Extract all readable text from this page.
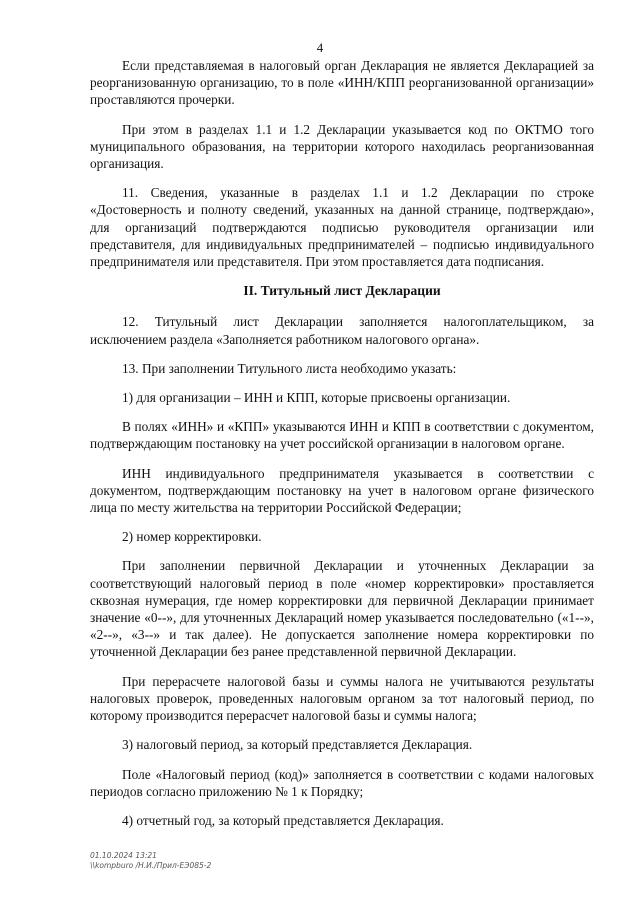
4

Если представляемая в налоговый орган Декларация не является Декларацией за реорганизованную организацию, то в поле «ИНН/КПП реорганизованной организации» проставляются прочерки.

При этом в разделах 1.1 и 1.2 Декларации указывается код по ОКТМО того муниципального образования, на территории которого находилась реорганизованная организация.

11. Сведения, указанные в разделах 1.1 и 1.2 Декларации по строке «Достоверность и полноту сведений, указанных на данной странице, подтверждаю», для организаций подтверждаются подписью руководителя организации или представителя, для индивидуальных предпринимателей – подписью индивидуального предпринимателя или представителя. При этом проставляется дата подписания.

II. Титульный лист Декларации

12. Титульный лист Декларации заполняется налогоплательщиком, за исключением раздела «Заполняется работником налогового органа».

13. При заполнении Титульного листа необходимо указать:

1) для организации – ИНН и КПП, которые присвоены организации.

В полях «ИНН» и «КПП» указываются ИНН и КПП в соответствии с документом, подтверждающим постановку на учет российской организации в налоговом органе.

ИНН индивидуального предпринимателя указывается в соответствии с документом, подтверждающим постановку на учет в налоговом органе физического лица по месту жительства на территории Российской Федерации;

2) номер корректировки.

При заполнении первичной Декларации и уточненных Декларации за соответствующий налоговый период в поле «номер корректировки» проставляется сквозная нумерация, где номер корректировки для первичной Декларации принимает значение «0--», для уточненных Деклараций номер указывается последовательно («1--», «2--», «3--» и так далее). Не допускается заполнение номера корректировки по уточненной Декларации без ранее представленной первичной Декларации.

При перерасчете налоговой базы и суммы налога не учитываются результаты налоговых проверок, проведенных налоговым органом за тот налоговый период, по которому производится перерасчет налоговой базы и суммы налога;

3) налоговый период, за который представляется Декларация.

Поле «Налоговый период (код)» заполняется в соответствии с кодами налоговых периодов согласно приложению № 1 к Порядку;

4) отчетный год, за который представляется Декларация.

01.10.2024 13:21
\\kompburo /Н.И./Прил-ЕЭ085-2
